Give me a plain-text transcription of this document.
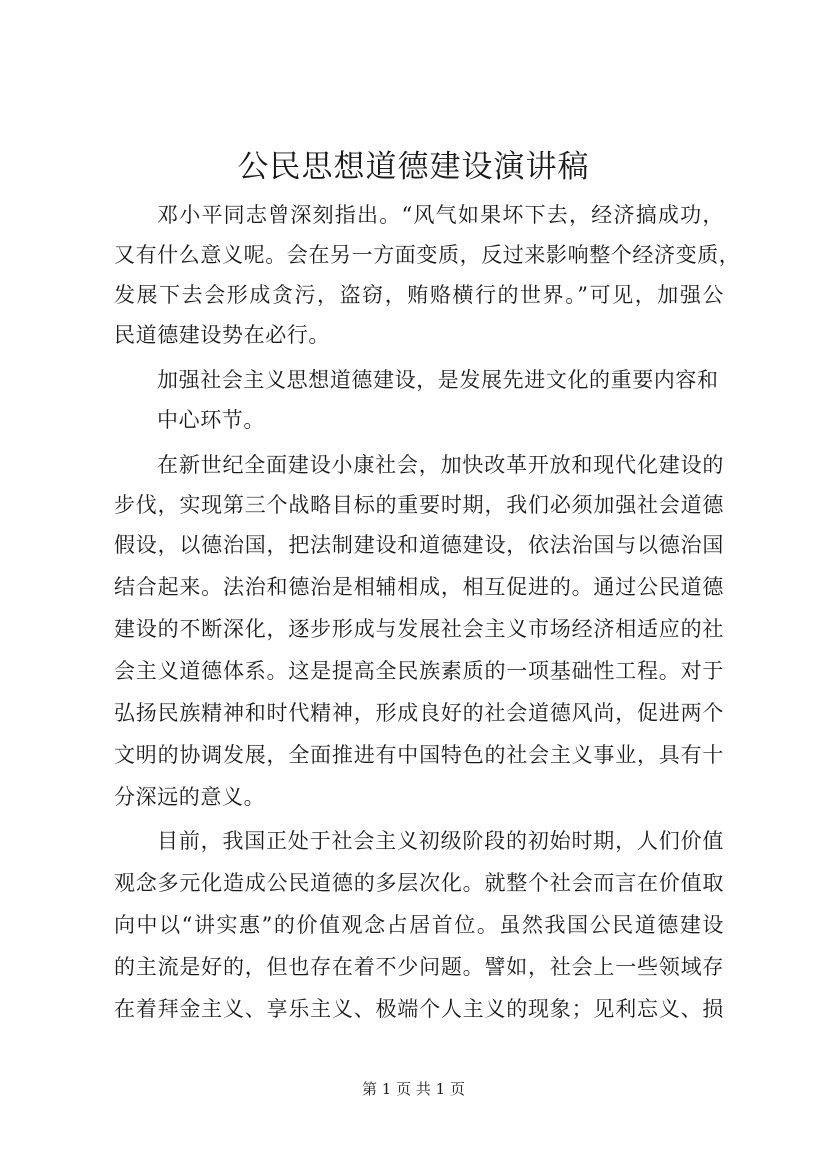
公民思想道德建设演讲稿
邓小平同志曾深刻指出。“风气如果坏下去，经济搞成功，
又有什么意义呢。会在另一方面变质，反过来影响整个经济变质，
发展下去会形成贪污，盗窃，贿赂横行的世界。”可见，加强公
民道德建设势在必行。
加强社会主义思想道德建设，是发展先进文化的重要内容和
中心环节。
在新世纪全面建设小康社会，加快改革开放和现代化建设的
步伐，实现第三个战略目标的重要时期，我们必须加强社会道德
假设，以德治国，把法制建设和道德建设，依法治国与以德治国
结合起来。法治和德治是相辅相成，相互促进的。通过公民道德
建设的不断深化，逐步形成与发展社会主义市场经济相适应的社
会主义道德体系。这是提高全民族素质的一项基础性工程。对于
弘扬民族精神和时代精神，形成良好的社会道德风尚，促进两个
文明的协调发展，全面推进有中国特色的社会主义事业，具有十
分深远的意义。
目前，我国正处于社会主义初级阶段的初始时期，人们价值
观念多元化造成公民道德的多层次化。就整个社会而言在价值取
向中以“讲实惠”的价值观念占居首位。虽然我国公民道德建设
的主流是好的，但也存在着不少问题。譬如，社会上一些领域存
在着拜金主义、享乐主义、极端个人主义的现象；见利忘义、损
第 1 页 共 1 页
